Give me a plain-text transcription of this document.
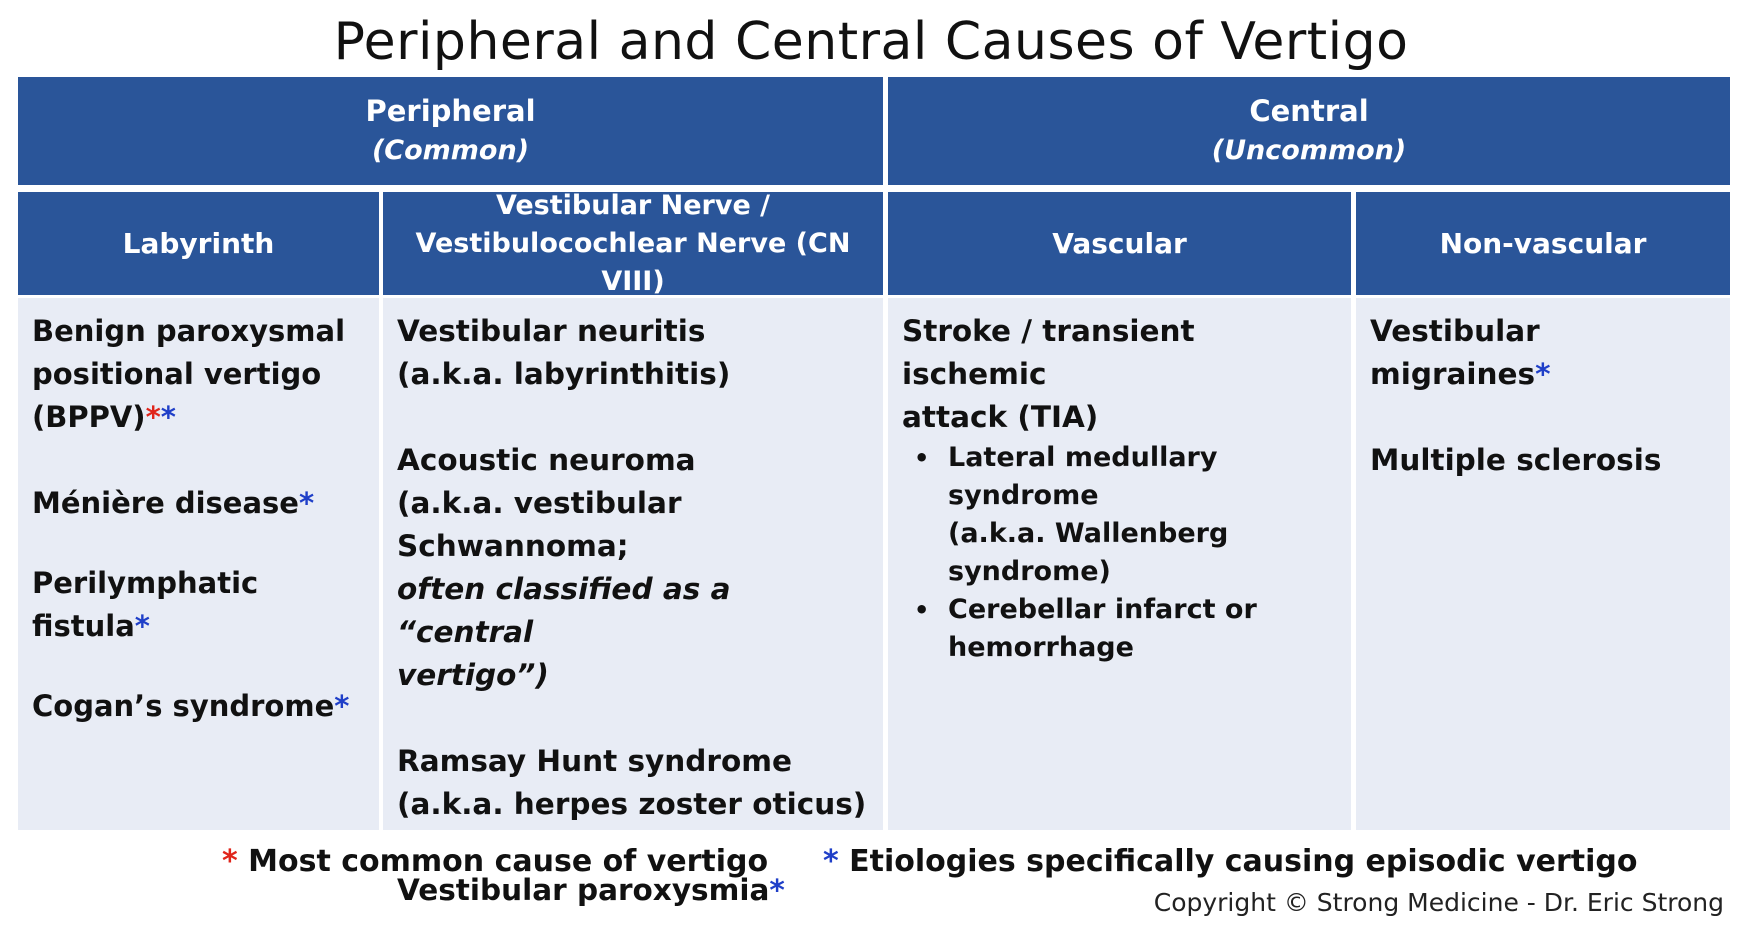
Peripheral and Central Causes of Vertigo
Peripheral
(Common)
Central
(Uncommon)
Labyrinth
Vestibular Nerve /
Vestibulocochlear Nerve (CN VIII)
Vascular	Non-vascular
Benign paroxysmal
positional vertigo
(BPPV)**
Ménière disease*
Perilymphatic fistula*
Cogan’s syndrome*
Vestibular neuritis
(a.k.a. labyrinthitis)
Acoustic neuroma
(a.k.a. vestibular Schwannoma;
often classified as a “central
vertigo”)
Ramsay Hunt syndrome
(a.k.a. herpes zoster oticus)
Vestibular paroxysmia*
Stroke / transient ischemic
attack (TIA)
• Lateral medullary syndrome
(a.k.a. Wallenberg syndrome)
• Cerebellar infarct or
hemorrhage
Vestibular migraines*
Multiple sclerosis
* Most common cause of vertigo * Etiologies specifically causing episodic vertigo
Copyright © Strong Medicine - Dr. Eric Strong
